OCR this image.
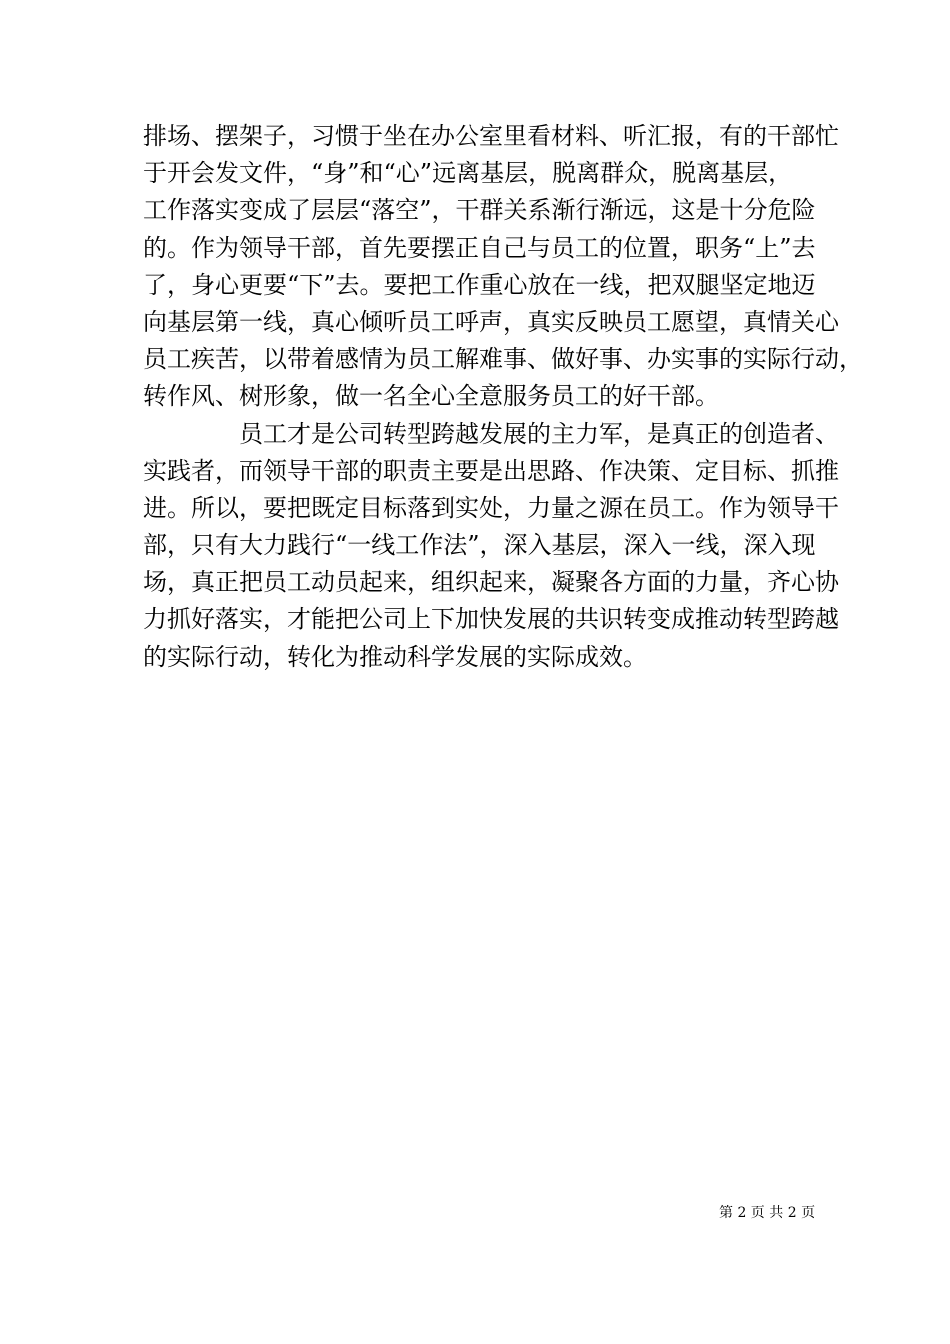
排场、摆架子，习惯于坐在办公室里看材料、听汇报，有的干部忙
于开会发文件，“身”和“心”远离基层，脱离群众，脱离基层，
工作落实变成了层层“落空”，干群关系渐行渐远，这是十分危险
的。作为领导干部，首先要摆正自己与员工的位置，职务“上”去
了，身心更要“下”去。要把工作重心放在一线，把双腿坚定地迈
向基层第一线，真心倾听员工呼声，真实反映员工愿望，真情关心
员工疾苦，以带着感情为员工解难事、做好事、办实事的实际行动，
转作风、树形象，做一名全心全意服务员工的好干部。
员工才是公司转型跨越发展的主力军，是真正的创造者、
实践者，而领导干部的职责主要是出思路、作决策、定目标、抓推
进。所以，要把既定目标落到实处，力量之源在员工。作为领导干
部，只有大力践行“一线工作法”，深入基层，深入一线，深入现
场，真正把员工动员起来，组织起来，凝聚各方面的力量，齐心协
力抓好落实，才能把公司上下加快发展的共识转变成推动转型跨越
的实际行动，转化为推动科学发展的实际成效。
第 2 页 共 2 页
